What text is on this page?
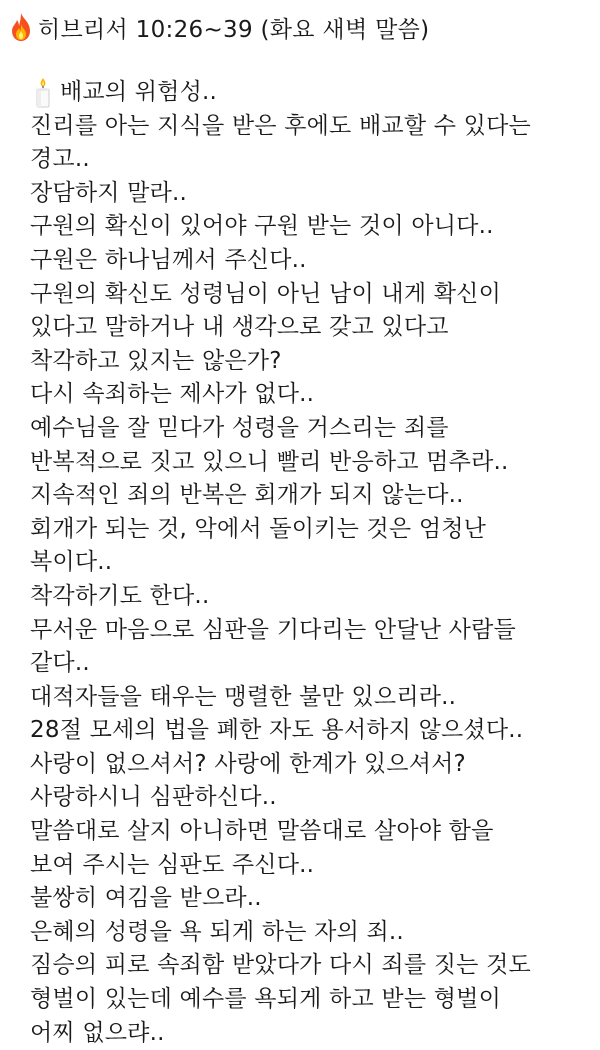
히브리서 10:26~39 (화요 새벽 말씀)
배교의 위험성..
진리를 아는 지식을 받은 후에도 배교할 수 있다는
경고..
장담하지 말라..
구원의 확신이 있어야 구원 받는 것이 아니다..
구원은 하나님께서 주신다..
구원의 확신도 성령님이 아닌 남이 내게 확신이
있다고 말하거나 내 생각으로 갖고 있다고
착각하고 있지는 않은가?
다시 속죄하는 제사가 없다..
예수님을 잘 믿다가 성령을 거스리는 죄를
반복적으로 짓고 있으니 빨리 반응하고 멈추라..
지속적인 죄의 반복은 회개가 되지 않는다..
회개가 되는 것, 악에서 돌이키는 것은 엄청난
복이다..
착각하기도 한다..
무서운 마음으로 심판을 기다리는 안달난 사람들
같다..
대적자들을 태우는 맹렬한 불만 있으리라..
28절 모세의 법을 폐한 자도 용서하지 않으셨다..
사랑이 없으셔서? 사랑에 한계가 있으셔서?
사랑하시니 심판하신다..
말씀대로 살지 아니하면 말씀대로 살아야 함을
보여 주시는 심판도 주신다..
불쌍히 여김을 받으라..
은혜의 성령을 욕 되게 하는 자의 죄..
짐승의 피로 속죄함 받았다가 다시 죄를 짓는 것도
형벌이 있는데 예수를 욕되게 하고 받는 형벌이
어찌 없으랴..
